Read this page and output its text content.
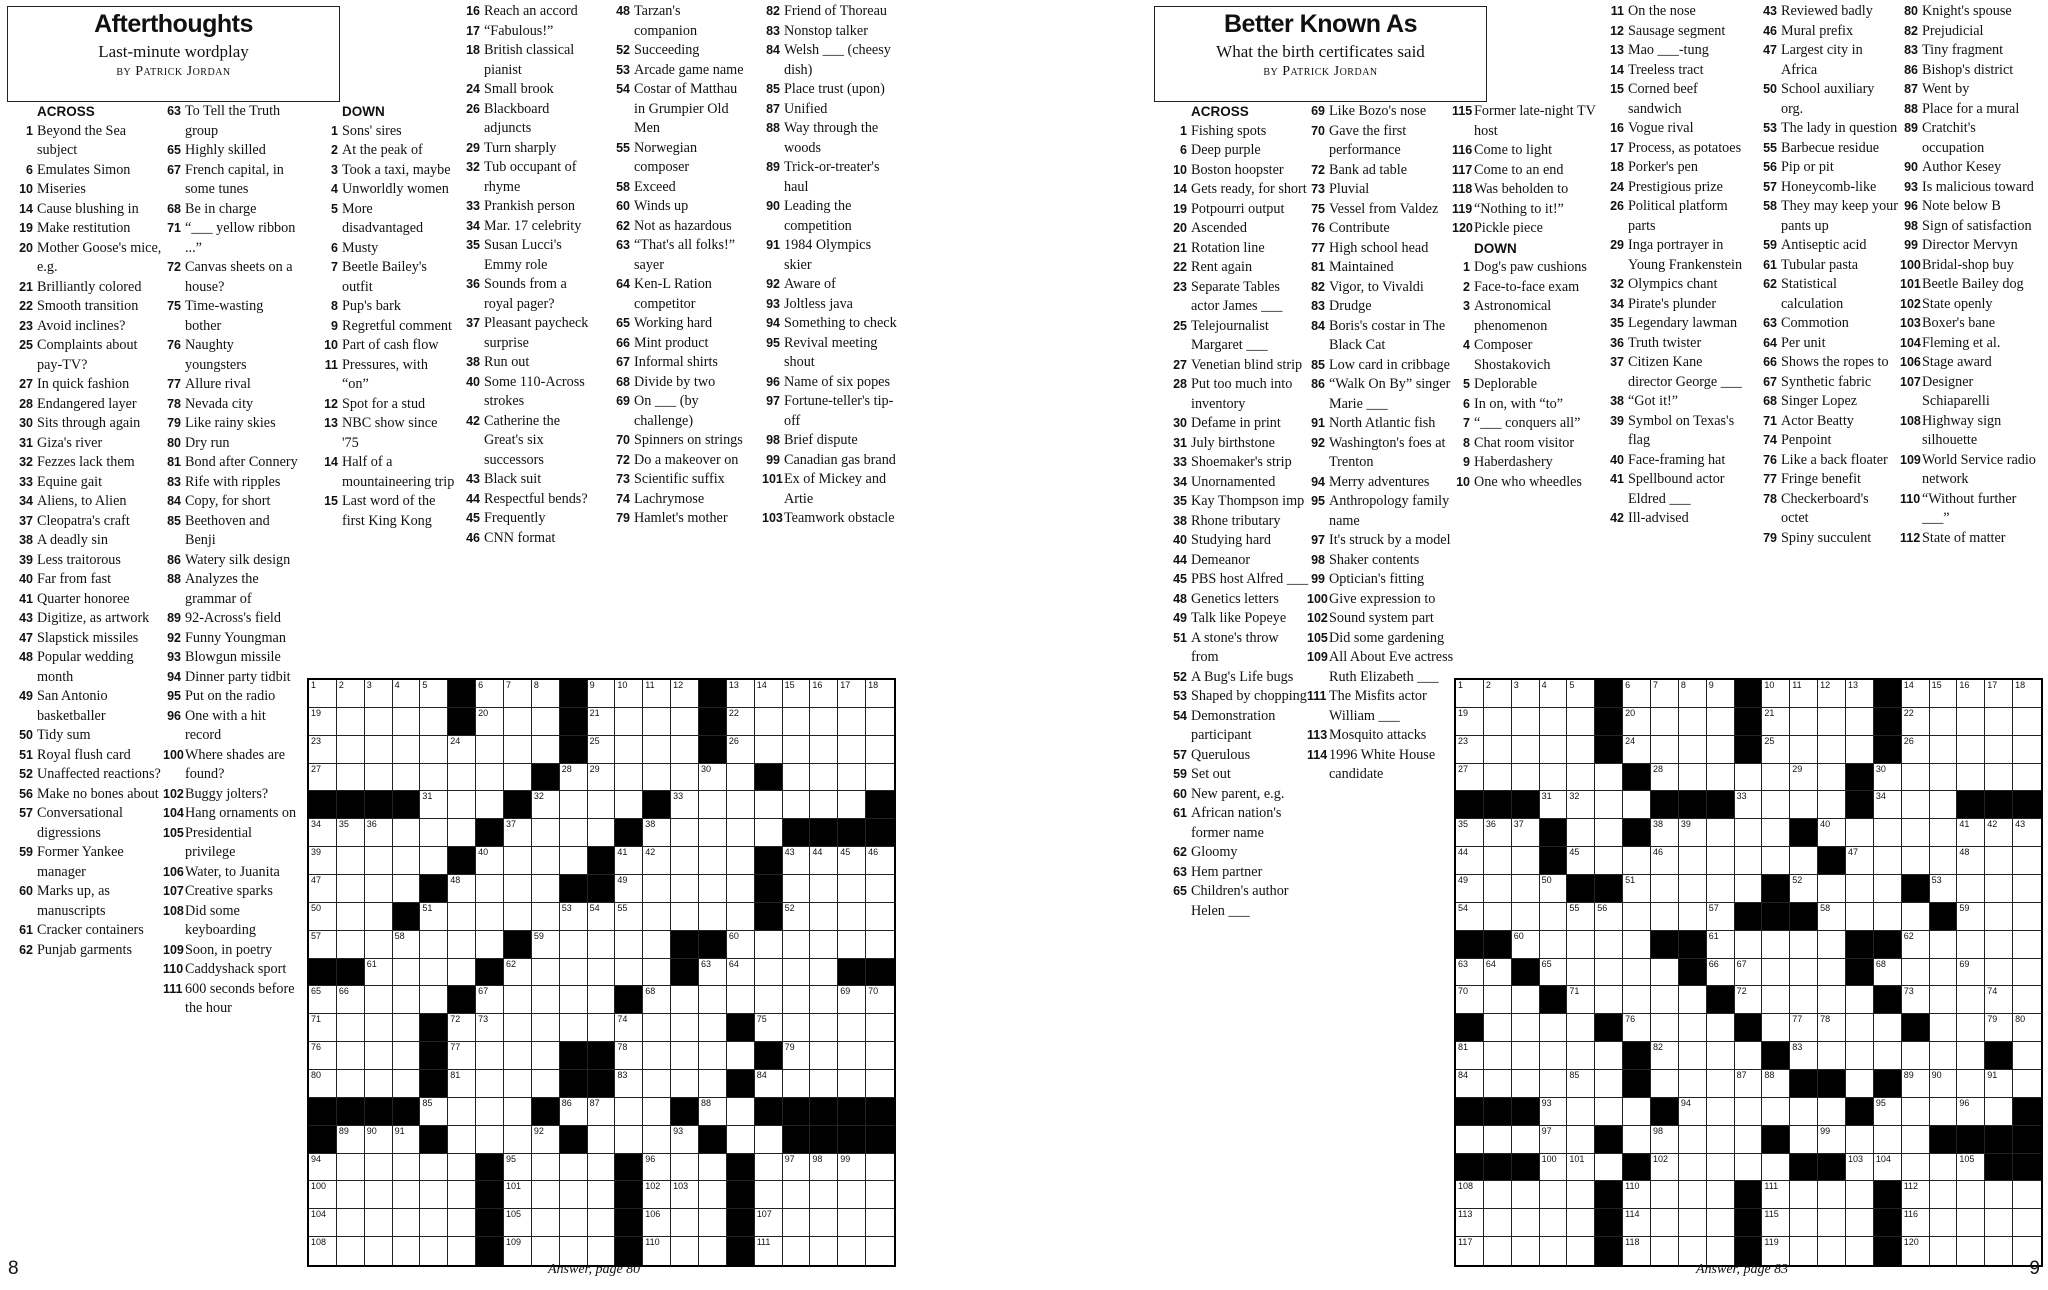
Afterthoughts
Last-minute wordplay
by Patrick Jordan
ACROSS
1 Beyond the Sea subject
6 Emulates Simon
10 Miseries
14 Cause blushing in
19 Make restitution
20 Mother Goose's mice, e.g.
21 Brilliantly colored
22 Smooth transition
23 Avoid inclines?
25 Complaints about pay-TV?
27 In quick fashion
28 Endangered layer
30 Sits through again
31 Giza's river
32 Fezzes lack them
33 Equine gait
34 Aliens, to Alien
37 Cleopatra's craft
38 A deadly sin
39 Less traitorous
40 Far from fast
41 Quarter honoree
43 Digitize, as artwork
47 Slapstick missiles
48 Popular wedding month
49 San Antonio basketballer
50 Tidy sum
51 Royal flush card
52 Unaffected reactions?
56 Make no bones about
57 Conversational digressions
59 Former Yankee manager
60 Marks up, as manuscripts
61 Cracker containers
62 Punjab garments
63 To Tell the Truth group
65 Highly skilled
67 French capital, in some tunes
68 Be in charge
71 “___ yellow ribbon ...”
72 Canvas sheets on a house?
75 Time-wasting bother
76 Naughty youngsters
77 Allure rival
78 Nevada city
79 Like rainy skies
80 Dry run
81 Bond after Connery
83 Rife with ripples
84 Copy, for short
85 Beethoven and Benji
86 Watery silk design
88 Analyzes the grammar of
89 92-Across's field
92 Funny Youngman
93 Blowgun missile
94 Dinner party tidbit
95 Put on the radio
96 One with a hit record
100 Where shades are found?
102 Buggy jolters?
104 Hang ornaments on
105 Presidential privilege
106 Water, to Juanita
107 Creative sparks
108 Did some keyboarding
109 Soon, in poetry
110 Caddyshack sport
111 600 seconds before the hour
DOWN
1 Sons' sires
2 At the peak of
3 Took a taxi, maybe
4 Unworldly women
5 More disadvantaged
6 Musty
7 Beetle Bailey's outfit
8 Pup's bark
9 Regretful comment
10 Part of cash flow
11 Pressures, with “on”
12 Spot for a stud
13 NBC show since '75
14 Half of a mountaineering trip
15 Last word of the first King Kong
16 Reach an accord
17 “Fabulous!”
18 British classical pianist
24 Small brook
26 Blackboard adjuncts
29 Turn sharply
32 Tub occupant of rhyme
33 Prankish person
34 Mar. 17 celebrity
35 Susan Lucci's Emmy role
36 Sounds from a royal pager?
37 Pleasant paycheck surprise
38 Run out
40 Some 110-Across strokes
42 Catherine the Great's six successors
43 Black suit
44 Respectful bends?
45 Frequently
46 CNN format
48 Tarzan's companion
52 Succeeding
53 Arcade game name
54 Costar of Matthau in Grumpier Old Men
55 Norwegian composer
58 Exceed
60 Winds up
62 Not as hazardous
63 “That's all folks!” sayer
64 Ken-L Ration competitor
65 Working hard
66 Mint product
67 Informal shirts
68 Divide by two
69 On ___ (by challenge)
70 Spinners on strings
72 Do a makeover on
73 Scientific suffix
74 Lachrymose
79 Hamlet's mother
82 Friend of Thoreau
83 Nonstop talker
84 Welsh ___ (cheesy dish)
85 Place trust (upon)
87 Unified
88 Way through the woods
89 Trick-or-treater's haul
90 Leading the competition
91 1984 Olympics skier
92 Aware of
93 Joltless java
94 Something to check
95 Revival meeting shout
96 Name of six popes
97 Fortune-teller's tip-off
98 Brief dispute
99 Canadian gas brand
101 Ex of Mickey and Artie
103 Teamwork obstacle
1	2	3	4	5	6	7	8	9	10 11 12	13 14 15 16 17 18
19	20	21	22
23	24	25	26
27	28 29	30
31	32	33
34 35 36	37	38
39	40	41 42	43 44 45 46
47	48	49
50	51	53 54 55	52
57	58	59	60
61	62	63 64
65 66	67	68	69 70
71	72 73	74	75
76	77	78	79
80	81	83	84
85	86 87	88
89 90 91	92	93
94	95	96	97 98 99
100	101	102 103
104	105	106	107
108	109	110	111
8	Answer, page 80
Better Known As
What the birth certificates said
by Patrick Jordan
ACROSS
1 Fishing spots
6 Deep purple
10 Boston hoopster
14 Gets ready, for short
19 Potpourri output
20 Ascended
21 Rotation line
22 Rent again
23 Separate Tables actor James ___
25 Telejournalist Margaret ___
27 Venetian blind strip
28 Put too much into inventory
30 Defame in print
31 July birthstone
33 Shoemaker's strip
34 Unornamented
35 Kay Thompson imp
38 Rhone tributary
40 Studying hard
44 Demeanor
45 PBS host Alfred ___
48 Genetics letters
49 Talk like Popeye
51 A stone's throw from
52 A Bug's Life bugs
53 Shaped by chopping
54 Demonstration participant
57 Querulous
59 Set out
60 New parent, e.g.
61 African nation's former name
62 Gloomy
63 Hem partner
65 Children's author Helen ___
69 Like Bozo's nose
70 Gave the first performance
72 Bank ad table
73 Pluvial
75 Vessel from Valdez
76 Contribute
77 High school head
81 Maintained
82 Vigor, to Vivaldi
83 Drudge
84 Boris's costar in The Black Cat
85 Low card in cribbage
86 “Walk On By” singer Marie ___
91 North Atlantic fish
92 Washington's foes at Trenton
94 Merry adventures
95 Anthropology family name
97 It's struck by a model
98 Shaker contents
99 Optician's fitting
100 Give expression to
102 Sound system part
105 Did some gardening
109 All About Eve actress Ruth Elizabeth ___
111 The Misfits actor William ___
113 Mosquito attacks
114 1996 White House candidate
115 Former late-night TV host
116 Come to light
117 Come to an end
118 Was beholden to
119 “Nothing to it!”
120 Pickle piece
DOWN
1 Dog's paw cushions
2 Face-to-face exam
3 Astronomical phenomenon
4 Composer Shostakovich
5 Deplorable
6 In on, with “to”
7 “___ conquers all”
8 Chat room visitor
9 Haberdashery
10 One who wheedles
11 On the nose
12 Sausage segment
13 Mao ___-tung
14 Treeless tract
15 Corned beef sandwich
16 Vogue rival
17 Process, as potatoes
18 Porker's pen
24 Prestigious prize
26 Political platform parts
29 Inga portrayer in Young Frankenstein
32 Olympics chant
34 Pirate's plunder
35 Legendary lawman
36 Truth twister
37 Citizen Kane director George ___
38 “Got it!”
39 Symbol on Texas's flag
40 Face-framing hat
41 Spellbound actor Eldred ___
42 Ill-advised
43 Reviewed badly
46 Mural prefix
47 Largest city in Africa
50 School auxiliary org.
53 The lady in question
55 Barbecue residue
56 Pip or pit
57 Honeycomb-like
58 They may keep your pants up
59 Antiseptic acid
61 Tubular pasta
62 Statistical calculation
63 Commotion
64 Per unit
66 Shows the ropes to
67 Synthetic fabric
68 Singer Lopez
71 Actor Beatty
74 Penpoint
76 Like a back floater
77 Fringe benefit
78 Checkerboard's octet
79 Spiny succulent
80 Knight's spouse
82 Prejudicial
83 Tiny fragment
86 Bishop's district
87 Went by
88 Place for a mural
89 Cratchit's occupation
90 Author Kesey
93 Is malicious toward
96 Note below B
98 Sign of satisfaction
99 Director Mervyn
100 Bridal-shop buy
101 Beetle Bailey dog
102 State openly
103 Boxer's bane
104 Fleming et al.
106 Stage award
107 Designer Schiaparelli
108 Highway sign silhouette
109 World Service radio network
110 “Without further ___”
112 State of matter
1	2	3	4	5	6	7	8	9	10 11 12 13	14 15 16 17 18
19	20	21	22
23	24	25	26
27	28	29	30
31 32	33	34
35 36 37	38 39	40	41 42 43
44	45	46	47	48
49	50	51	52	53
54	55 56	57	58	59
60	61	62
63 64	65	66 67	68	69
70	71	72	73	74
76	77 78	79 80
81	82	83
84	85	87 88	89 90	91
93	94	95	96
97	98	99
100 101	102	103 104	105
108	110	111	112
113	114	115	116
117	118	119	120
9
Answer, page 83
